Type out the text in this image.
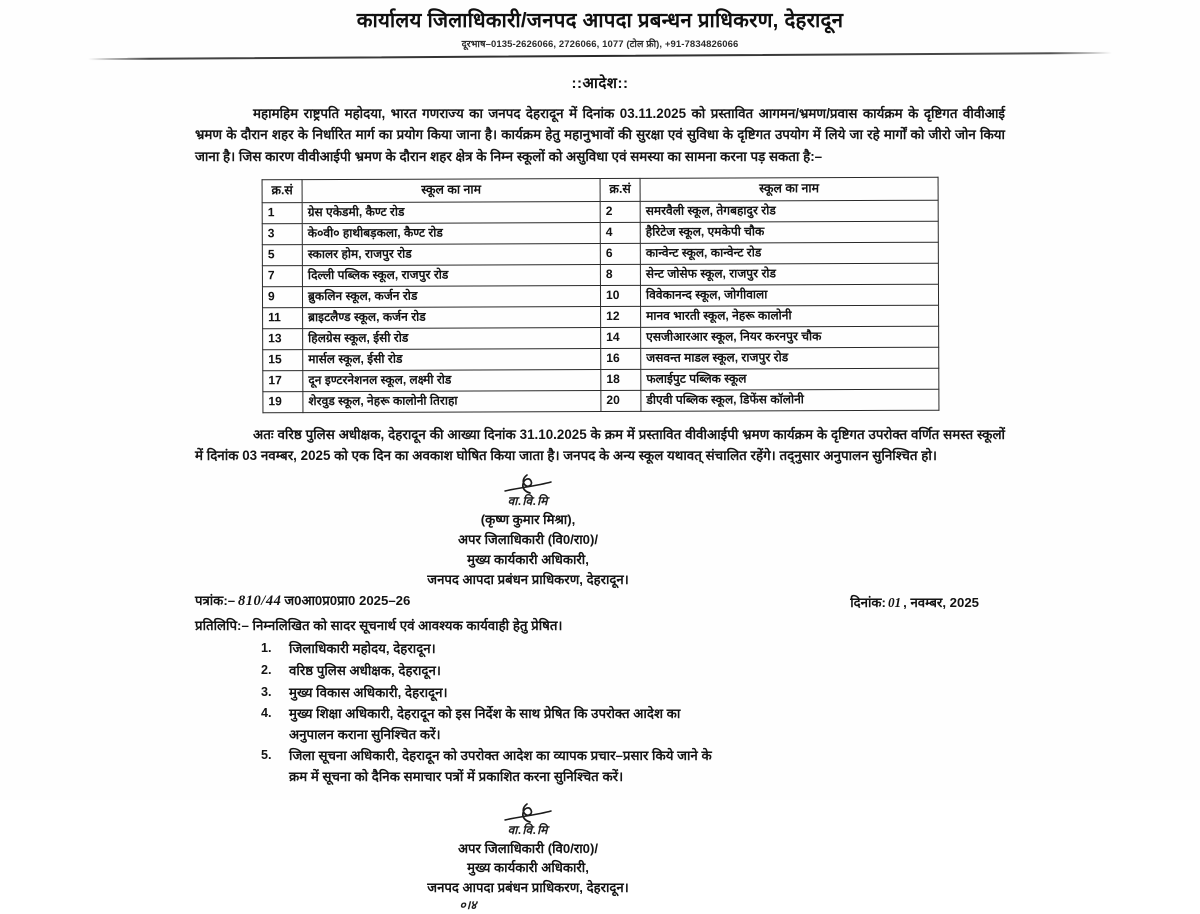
कार्यालय जिलाधिकारी/जनपद आपदा प्रबन्धन प्राधिकरण, देहरादून
दूरभाष–0135-2626066, 2726066, 1077 (टोल फ्री), +91-7834826066
::आदेश::

महामहिम राष्ट्रपति महोदया, भारत गणराज्य का जनपद देहरादून में दिनांक 03.11.2025 को प्रस्तावित आगमन/भ्रमण/प्रवास कार्यक्रम के दृष्टिगत वीवीआई भ्रमण के दौरान शहर के निर्धारित मार्ग का प्रयोग किया जाना है। कार्यक्रम हेतु महानुभावों की सुरक्षा एवं सुविधा के दृष्टिगत उपयोग में लिये जा रहे मार्गों को जीरो जोन किया जाना है। जिस कारण वीवीआईपी भ्रमण के दौरान शहर क्षेत्र के निम्न स्कूलों को असुविधा एवं समस्या का सामना करना पड़ सकता है:–

क्र.सं	स्कूल का नाम	क्र.सं	स्कूल का नाम
1	ग्रेस एकेडमी, कैण्ट रोड	2	समरवैली स्कूल, तेगबहादुर रोड
3	के०वी० हाथीबड़कला, कैण्ट रोड	4	हैरिटेज स्कूल, एमकेपी चौक
5	स्कालर होम, राजपुर रोड	6	कान्वेन्ट स्कूल, कान्वेन्ट रोड
7	दिल्ली पब्लिक स्कूल, राजपुर रोड	8	सेन्ट जोसेफ स्कूल, राजपुर रोड
9	ब्रुकलिन स्कूल, कर्जन रोड	10	विवेकानन्द स्कूल, जोगीवाला
11	ब्राइटलैण्ड स्कूल, कर्जन रोड	12	मानव भारती स्कूल, नेहरू कालोनी
13	हिलग्रेस स्कूल, ईसी रोड	14	एसजीआरआर स्कूल, नियर करनपुर चौक
15	मार्सल स्कूल, ईसी रोड	16	जसवन्त माडल स्कूल, राजपुर रोड
17	दून इण्टरनेशनल स्कूल, लक्ष्मी रोड	18	फलाईपुट पब्लिक स्कूल
19	शेरवुड स्कूल, नेहरू कालोनी तिराहा	20	डीएवी पब्लिक स्कूल, डिफेंस कॉलोनी

अतः वरिष्ठ पुलिस अधीक्षक, देहरादून की आख्या दिनांक 31.10.2025 के क्रम में प्रस्तावित वीवीआईपी भ्रमण कार्यक्रम के दृष्टिगत उपरोक्त वर्णित समस्त स्कूलों में दिनांक 03 नवम्बर, 2025 को एक दिन का अवकाश घोषित किया जाता है। जनपद के अन्य स्कूल यथावत् संचालित रहेंगे। तद्नुसार अनुपालन सुनिश्चित हो।

वा.वि.मि
(कृष्ण कुमार मिश्रा),
अपर जिलाधिकारी (वि0/रा0)/
मुख्य कार्यकारी अधिकारी,
जनपद आपदा प्रबंधन प्राधिकरण, देहरादून।
पत्रांक:– 810/44 ज0आ0प्र0प्रा0 2025–26	दिनांक: 01 , नवम्बर, 2025
प्रतिलिपि:– निम्नलिखित को सादर सूचनार्थ एवं आवश्यक कार्यवाही हेतु प्रेषित।
जिलाधिकारी महोदय, देहरादून।
वरिष्ठ पुलिस अधीक्षक, देहरादून।
मुख्य विकास अधिकारी, देहरादून।
मुख्य शिक्षा अधिकारी, देहरादून को इस निर्देश के साथ प्रेषित कि उपरोक्त आदेश का
अनुपालन कराना सुनिश्चित करें।
जिला सूचना अधिकारी, देहरादून को उपरोक्त आदेश का व्यापक प्रचार–प्रसार किये जाने के
क्रम में सूचना को दैनिक समाचार पत्रों में प्रकाशित करना सुनिश्चित करें।
वा.वि.मि
अपर जिलाधिकारी (वि0/रा0)/
मुख्य कार्यकारी अधिकारी,
जनपद आपदा प्रबंधन प्राधिकरण, देहरादून।
०।४
